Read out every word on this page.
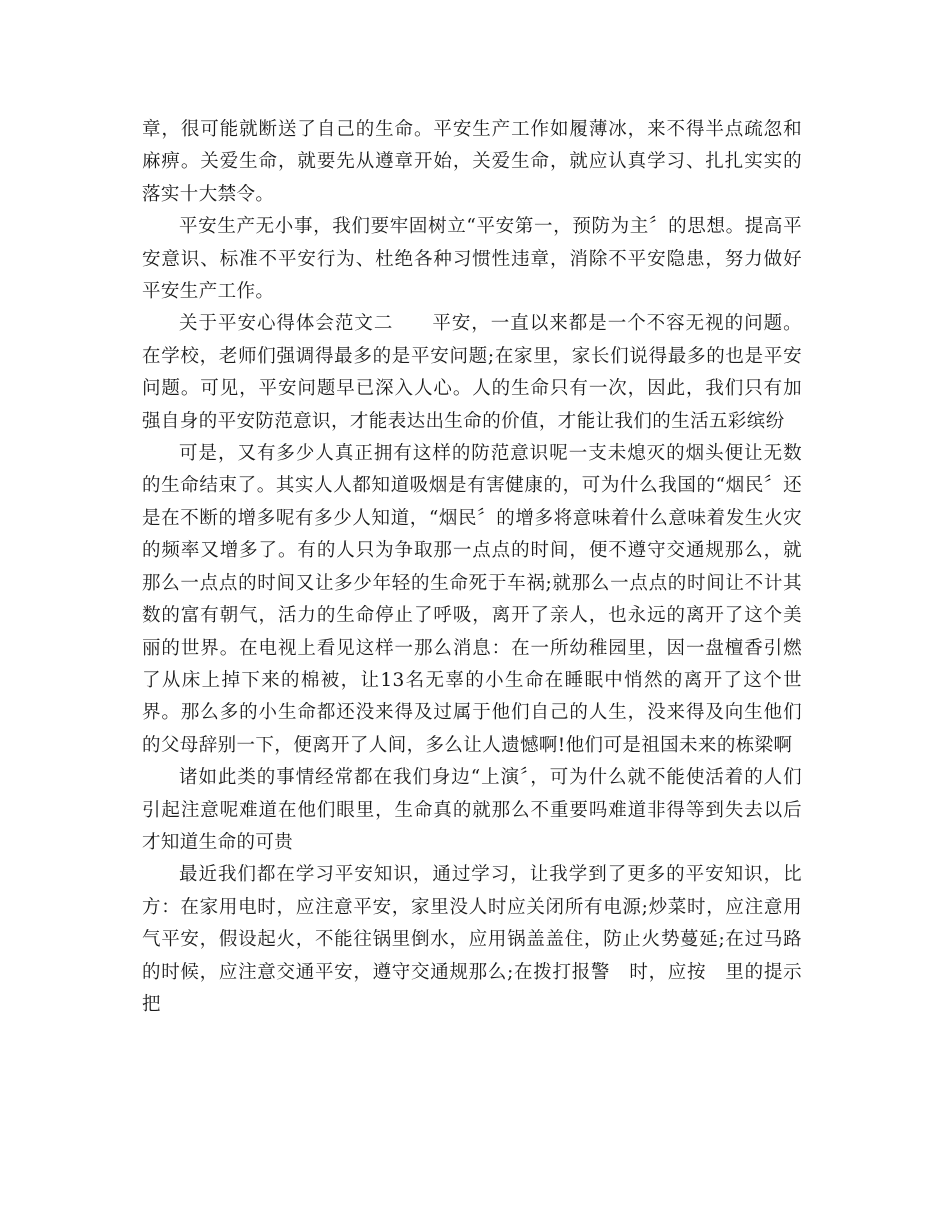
章，很可能就断送了自己的生命。平安生产工作如履薄冰，来不得半点疏忽和麻痹。关爱生命，就要先从遵章开始，关爱生命，就应认真学习、扎扎实实的落实十大禁令。

平安生产无小事，我们要牢固树立“平安第一，预防为主〞的思想。提高平安意识、标准不平安行为、杜绝各种习惯性违章，消除不平安隐患，努力做好平安生产工作。

关于平安心得体会范文二　　平安，一直以来都是一个不容无视的问题。在学校，老师们强调得最多的是平安问题;在家里，家长们说得最多的也是平安问题。可见，平安问题早已深入人心。人的生命只有一次，因此，我们只有加强自身的平安防范意识，才能表达出生命的价值，才能让我们的生活五彩缤纷

可是，又有多少人真正拥有这样的防范意识呢一支未熄灭的烟头便让无数的生命结束了。其实人人都知道吸烟是有害健康的，可为什么我国的“烟民〞还是在不断的增多呢有多少人知道，“烟民〞的增多将意味着什么意味着发生火灾的频率又增多了。有的人只为争取那一点点的时间，便不遵守交通规那么，就那么一点点的时间又让多少年轻的生命死于车祸;就那么一点点的时间让不计其数的富有朝气，活力的生命停止了呼吸，离开了亲人，也永远的离开了这个美丽的世界。在电视上看见这样一那么消息：在一所幼稚园里，因一盘檀香引燃了从床上掉下来的棉被，让13名无辜的小生命在睡眠中悄然的离开了这个世界。那么多的小生命都还没来得及过属于他们自己的人生，没来得及向生他们的父母辞别一下，便离开了人间，多么让人遗憾啊!他们可是祖国未来的栋梁啊

诸如此类的事情经常都在我们身边“上演〞，可为什么就不能使活着的人们引起注意呢难道在他们眼里，生命真的就那么不重要吗难道非得等到失去以后才知道生命的可贵

最近我们都在学习平安知识，通过学习，让我学到了更多的平安知识，比方：在家用电时，应注意平安，家里没人时应关闭所有电源;炒菜时，应注意用气平安，假设起火，不能往锅里倒水，应用锅盖盖住，防止火势蔓延;在过马路的时候，应注意交通平安，遵守交通规那么;在拨打报警　时，应按　里的提示把
